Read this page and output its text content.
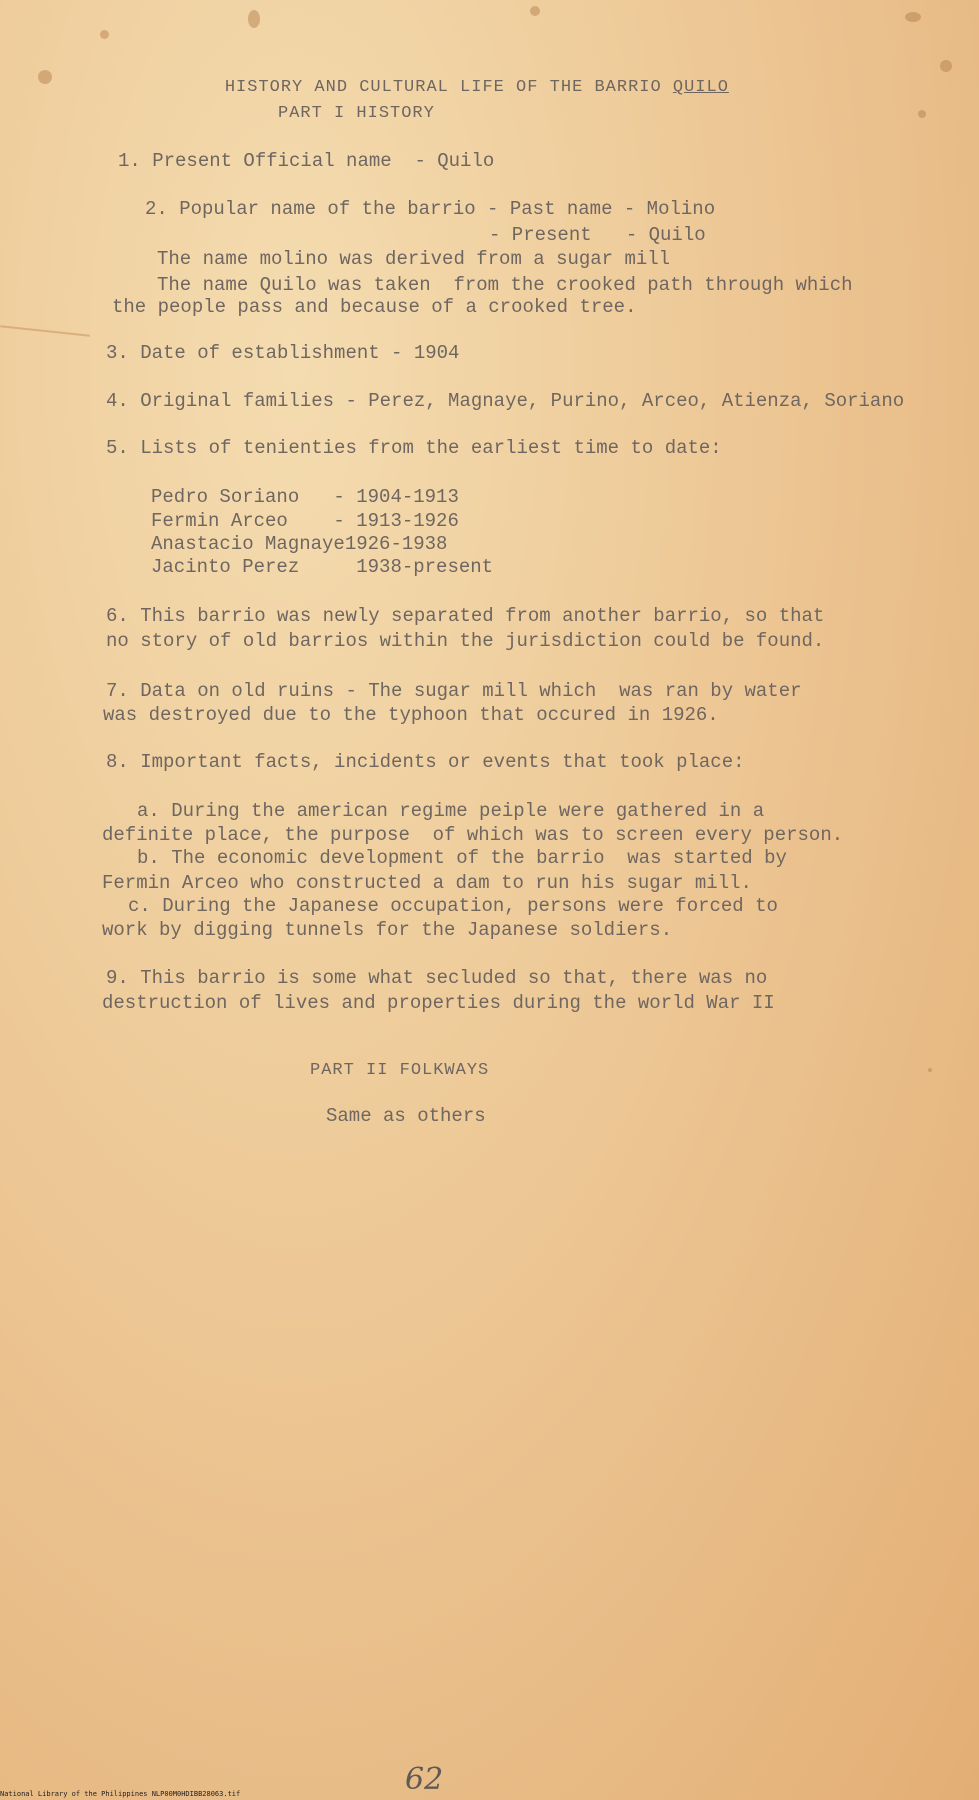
HISTORY AND CULTURAL LIFE OF THE BARRIO QUILO

PART I HISTORY
1. Present Official name  - Quilo
2. Popular name of the barrio - Past name - Molino
- Present   - Quilo
The name molino was derived from a sugar mill
The name Quilo was taken  from the crooked path through which
the people pass and because of a crooked tree.
3. Date of establishment - 1904
4. Original families - Perez, Magnaye, Purino, Arceo, Atienza, Soriano
5. Lists of tenienties from the earliest time to date:
Pedro Soriano   - 1904-1913
Fermin Arceo    - 1913-1926
Anastacio Magnaye1926-1938
Jacinto Perez     1938-present
6. This barrio was newly separated from another barrio, so that
no story of old barrios within the jurisdiction could be found.
7. Data on old ruins - The sugar mill which  was ran by water
was destroyed due to the typhoon that occured in 1926.
8. Important facts, incidents or events that took place:
a. During the american regime peiple were gathered in a
definite place, the purpose  of which was to screen every person.
b. The economic development of the barrio  was started by
Fermin Arceo who constructed a dam to run his sugar mill.
c. During the Japanese occupation, persons were forced to
work by digging tunnels for the Japanese soldiers.
9. This barrio is some what secluded so that, there was no
destruction of lives and properties during the world War II
PART II FOLKWAYS
Same as others
62
National Library of the Philippines NLP00M0HDIBB28063.tif
